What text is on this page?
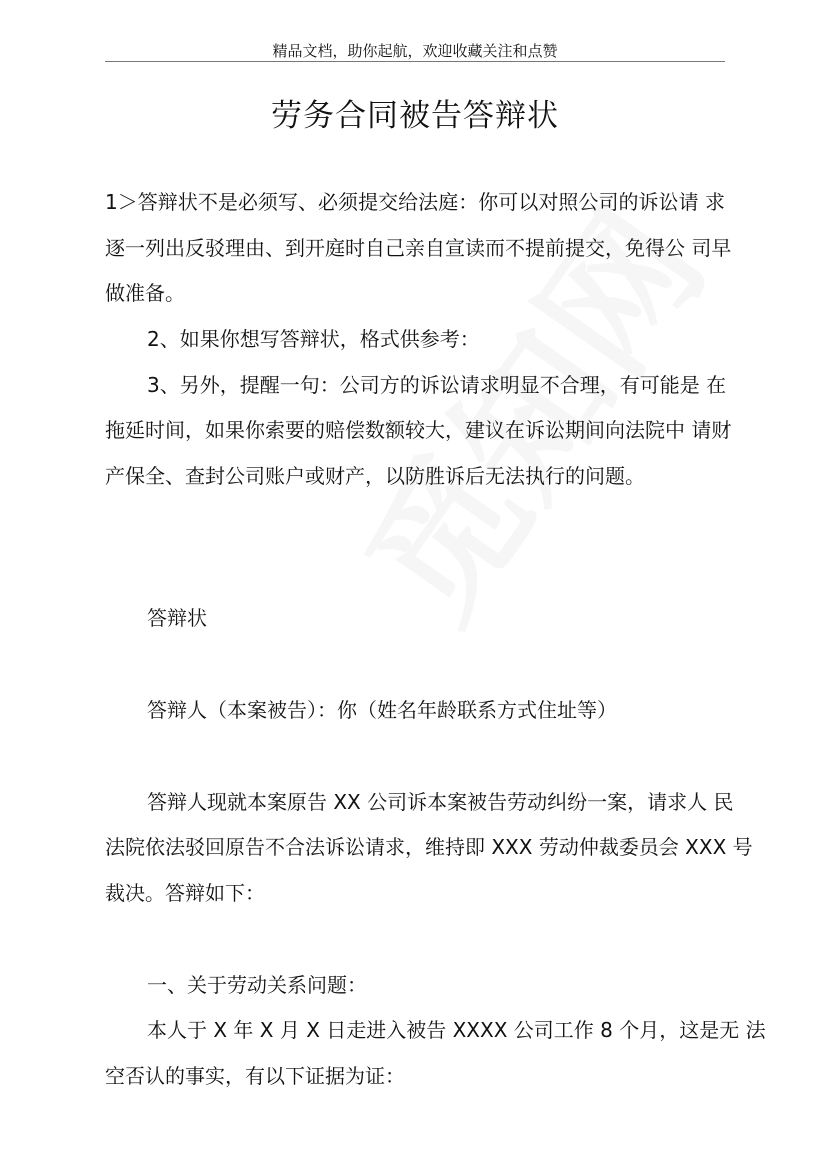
精品文档，助你起航，欢迎收藏关注和点赞
劳务合同被告答辩状
1＞答辩状不是必须写、必须提交给法庭：你可以对照公司的诉讼请 求
逐一列出反驳理由、到开庭时自己亲自宣读而不提前提交，免得公 司早
做准备。
2、如果你想写答辩状，格式供参考：
3、另外，提醒一句：公司方的诉讼请求明显不合理，有可能是 在
拖延时间，如果你索要的赔偿数额较大，建议在诉讼期间向法院中 请财
产保全、查封公司账户或财产，以防胜诉后无法执行的问题。
答辩状
答辩人（本案被告）：你（姓名年龄联系方式住址等）
答辩人现就本案原告 XX 公司诉本案被告劳动纠纷一案，请求人 民
法院依法驳回原告不合法诉讼请求，维持即 XXX 劳动仲裁委员会 XXX 号
裁决。答辩如下：
一、关于劳动关系问题：
本人于 X 年 X 月 X 日走进入被告 XXXX 公司工作 8 个月，这是无 法
空否认的事实，有以下证据为证：
